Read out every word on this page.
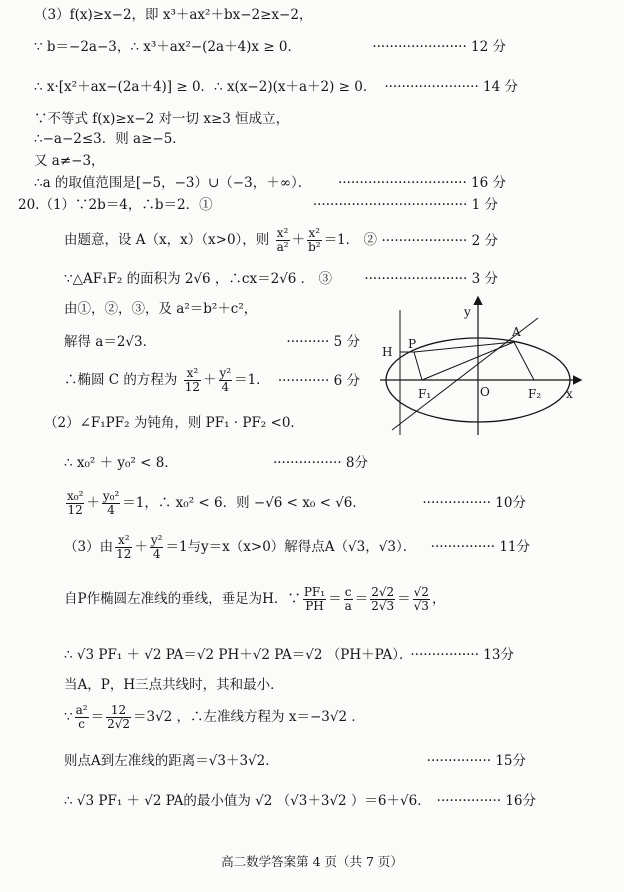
（3）f(x)≥x−2，即 x³＋ax²＋bx−2≥x−2，
∵ b＝−2a−3，∴ x³＋ax²−(2a＋4)x ≥ 0．	······················ 12 分
∴ x·[x²＋ax−(2a＋4)] ≥ 0．∴ x(x−2)(x＋a＋2) ≥ 0． ······················ 14 分
∵不等式 f(x)≥x−2 对一切 x≥3 恒成立，
∴−a−2≤3．则 a≥−5．
又 a≠−3，
∴a 的取值范围是[−5，−3）∪（−3，＋∞）． ······························ 16 分
20.（1）∵2b＝4，∴b＝2．①	···································· 1 分
由题意，设 A（x，x）（x>0），则 $\frac{\text{x²}}{\text{a²}} + \frac{\text{x²}}{\text{b²}} =1$． ② ···················· 2 分
∵△AF₁F₂ 的面积为 2√6 ，∴cx＝2√6 ． ③ ························ 3 分
由①，②，③，及 a²＝b²＋c²，
解得 a＝2√3．	·········· 5 分
∴椭圆 C 的方程为 $\frac{\text{x²}}{12} + \frac{\text{y²}}{4} =1$． ············ 6 分
y
A
H
P
F₁	O	F₂ x
（2）∠F₁PF₂ 为钝角，则 PF₁ · PF₂ <0．
∴ x₀² ＋ y₀² < 8．	················ 8分
$\frac{\text{x₀²}}{12} + \frac{\text{y₀²}}{4} =1$，∴ x₀² < 6．则 −√6 < x₀ < √6．	················ 10分
（3）由 $\frac{\text{x²}}{12} + \frac{\text{y²}}{4} =1$与y＝x（x>0）解得点A（√3，√3）． ··············· 11分
自P作椭圆左准线的垂线，垂足为H．∵ $\frac{\text{PF₁}}{PH} = \frac{c}{a} = \frac{2√2}{2√3} = \frac{√2}{√3}$ ，
∴ √3 PF₁ ＋ √2 PA＝√2 PH＋√2 PA＝√2 （PH＋PA）．
················ 13分
当A，P，H三点共线时，其和最小．
∵ $\frac{\text{a²}}{c} = \frac{12}{2√2} =3√2$ ，∴左准线方程为 x＝−3√2 ．
则点A到左准线的距离＝√3＋3√2．	··············· 15分
∴ √3 PF₁ ＋ √2 PA的最小值为 √2 （√3＋3√2 ）＝6＋√6． ··············· 16分
高二数学答案第 4 页（共 7 页）
